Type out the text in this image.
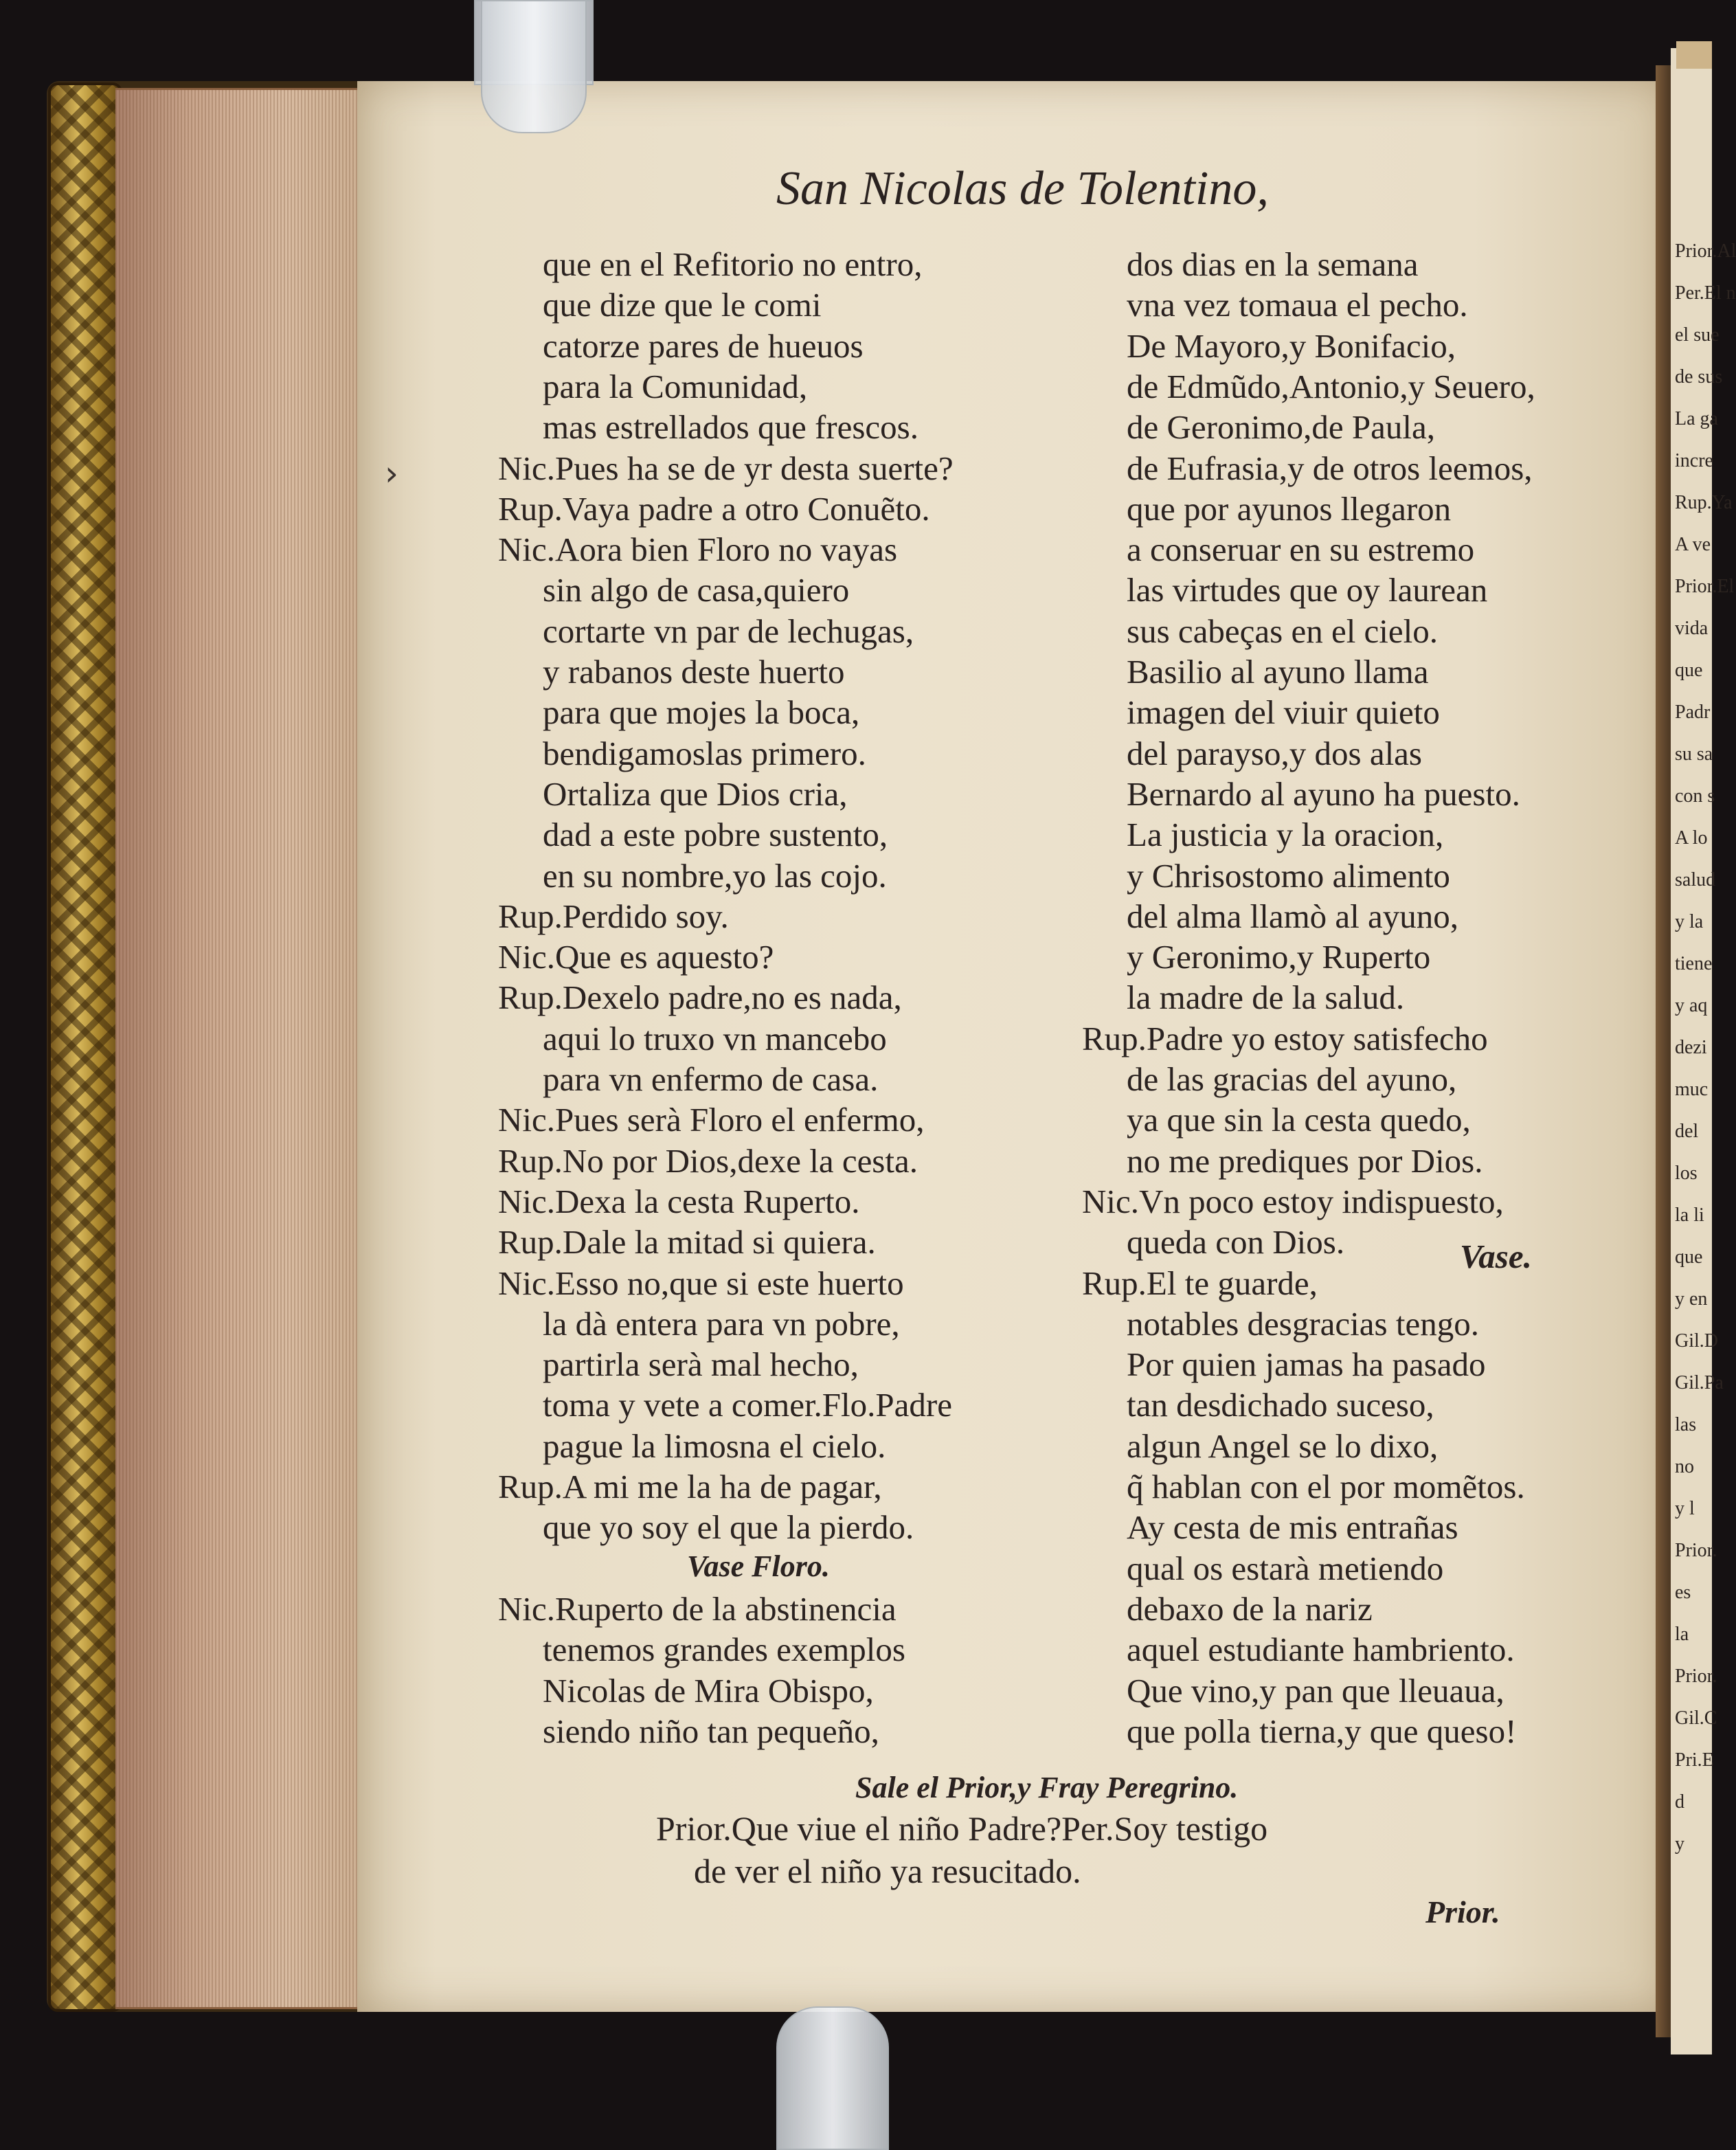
Prior.Al
Per.El n
el sue
de sus
La ga
incre
Rup.Ya
A ve
Prior.El
vida
que
Padr
su sa
con s
A lo
salud
y la
tiene
y aq
dezi
muc
del
los
la li
que
y en
Gil.D
Gil.Pa
las
no
y l
Prior.
es
la
Prior.
Gil.C
Pri.E
d
y
San Nicolas de Tolentino,
que en el Refitorio no entro,
que dize que le comi
catorze pares de hueuos
para la Comunidad,
mas estrellados que frescos.
Nic.Pues ha se de yr desta suerte?
Rup.Vaya padre a otro Conuẽto.
Nic.Aora bien Floro no vayas
sin algo de casa,quiero
cortarte vn par de lechugas,
y rabanos deste huerto
para que mojes la boca,
bendigamoslas primero.
Ortaliza que Dios cria,
dad a este pobre sustento,
en su nombre,yo las cojo.
Rup.Perdido soy.
Nic.Que es aquesto?
Rup.Dexelo padre,no es nada,
aqui lo truxo vn mancebo
para vn enfermo de casa.
Nic.Pues serà Floro el enfermo,
Rup.No por Dios,dexe la cesta.
Nic.Dexa la cesta Ruperto.
Rup.Dale la mitad si quiera.
Nic.Esso no,que si este huerto
la dà entera para vn pobre,
partirla serà mal hecho,
toma y vete a comer.Flo.Padre
pague la limosna el cielo.
Rup.A mi me la ha de pagar,
que yo soy el que la pierdo.
Vase Floro.
Nic.Ruperto de la abstinencia
tenemos grandes exemplos
Nicolas de Mira Obispo,
siendo niño tan pequeño,
dos dias en la semana
vna vez tomaua el pecho.
De Mayoro,y Bonifacio,
de Edmũdo,Antonio,y Seuero,
de Geronimo,de Paula,
de Eufrasia,y de otros leemos,
que por ayunos llegaron
a conseruar en su estremo
las virtudes que oy laurean
sus cabeças en el cielo.
Basilio al ayuno llama
imagen del viuir quieto
del parayso,y dos alas
Bernardo al ayuno ha puesto.
La justicia y la oracion,
y Chrisostomo alimento
del alma llamò al ayuno,
y Geronimo,y Ruperto
la madre de la salud.
Rup.Padre yo estoy satisfecho
de las gracias del ayuno,
ya que sin la cesta quedo,
no me prediques por Dios.
Nic.Vn poco estoy indispuesto,
queda con Dios.
Rup.El te guarde,
notables desgracias tengo.
Por quien jamas ha pasado
tan desdichado suceso,
algun Angel se lo dixo,
q̃ hablan con el por momẽtos.
Ay cesta de mis entrañas
qual os estarà metiendo
debaxo de la nariz
aquel estudiante hambriento.
Que vino,y pan que lleuaua,
que polla tierna,y que queso!
Vase.
Sale el Prior,y Fray Peregrino.
Prior.Que viue el niño Padre?Per.Soy testigo
de ver el niño ya resucitado.
Prior.
›
